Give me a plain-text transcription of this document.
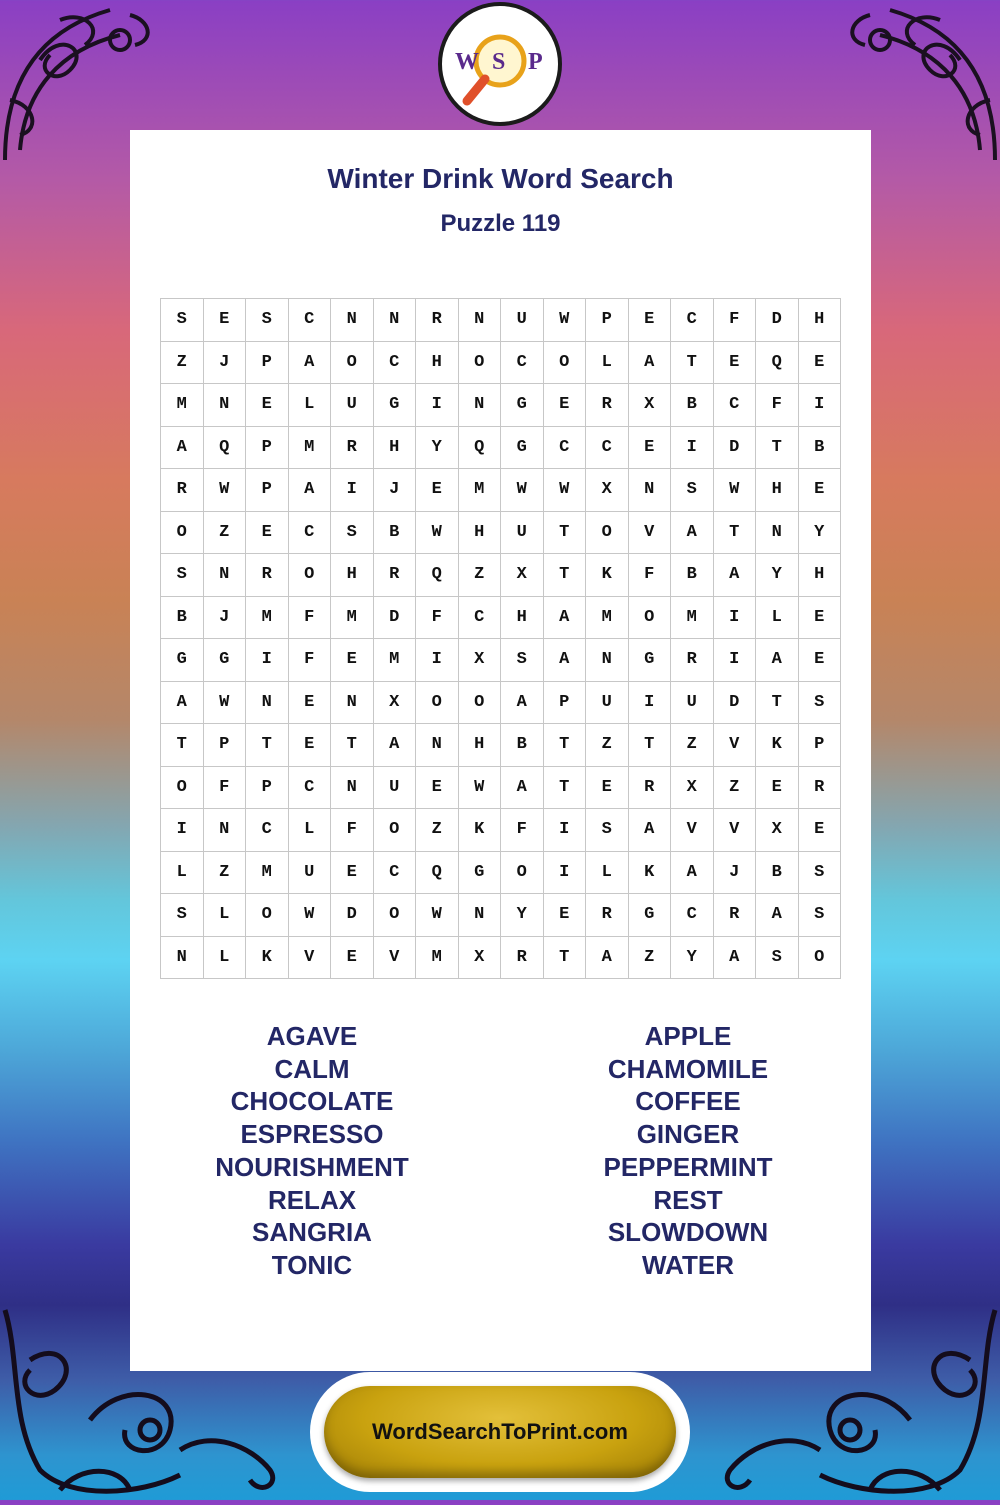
W S P
Winter Drink Word Search
Puzzle 119
S	E	S	C	N	N	R	N	U	W	P	E	C	F	D	H
Z	J	P	A	O	C	H	O	C	O	L	A	T	E	Q	E
M	N	E	L	U	G	I	N	G	E	R	X	B	C	F	I
A	Q	P	M	R	H	Y	Q	G	C	C	E	I	D	T	B
R	W	P	A	I	J	E	M	W	W	X	N	S	W	H	E
O	Z	E	C	S	B	W	H	U	T	O	V	A	T	N	Y
S	N	R	O	H	R	Q	Z	X	T	K	F	B	A	Y	H
B	J	M	F	M	D	F	C	H	A	M	O	M	I	L	E
G	G	I	F	E	M	I	X	S	A	N	G	R	I	A	E
A	W	N	E	N	X	O	O	A	P	U	I	U	D	T	S
T	P	T	E	T	A	N	H	B	T	Z	T	Z	V	K	P
O	F	P	C	N	U	E	W	A	T	E	R	X	Z	E	R
I	N	C	L	F	O	Z	K	F	I	S	A	V	V	X	E
L	Z	M	U	E	C	Q	G	O	I	L	K	A	J	B	S
S	L	O	W	D	O	W	N	Y	E	R	G	C	R	A	S
N	L	K	V	E	V	M	X	R	T	A	Z	Y	A	S	O
AGAVE
CALM
CHOCOLATE
ESPRESSO
NOURISHMENT
RELAX
SANGRIA
TONIC
APPLE
CHAMOMILE
COFFEE
GINGER
PEPPERMINT
REST
SLOWDOWN
WATER
WordSearchToPrint.com
